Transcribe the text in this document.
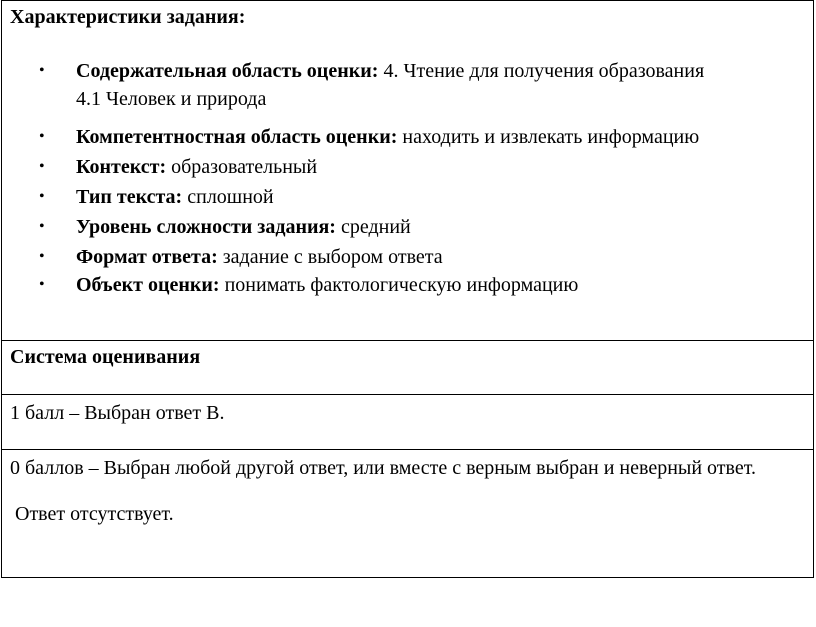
Характеристики задания:
• Содержательная область оценки: 4. Чтение для получения образования
4.1 Человек и природа
• Компетентностная область оценки: находить и извлекать информацию
• Контекст: образовательный
• Тип текста: сплошной
• Уровень сложности задания: средний
• Формат ответа: задание с выбором ответа
• Объект оценки: понимать фактологическую информацию

Система оценивания

1 балл – Выбран ответ В.

0 баллов – Выбран любой другой ответ, или вместе с верным выбран и неверный ответ.
Ответ отсутствует.
